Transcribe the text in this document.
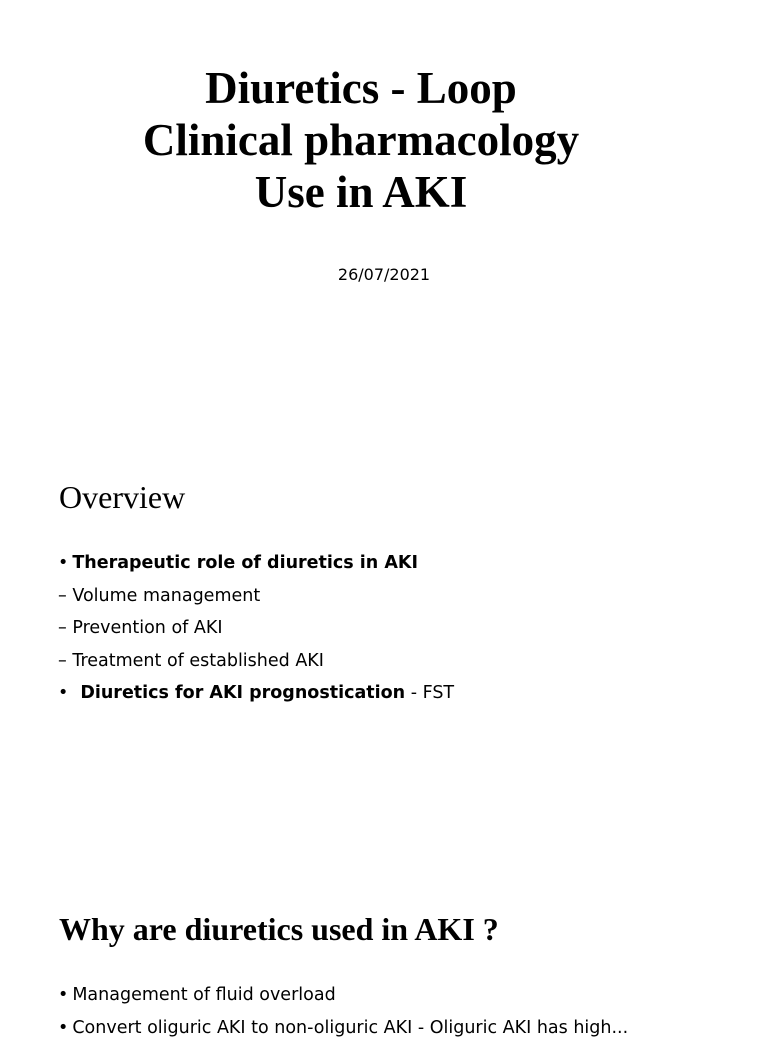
Diuretics - Loop
Clinical pharmacology
Use in AKI
26/07/2021
Overview
• Therapeutic role of diuretics in AKI
– Volume management
– Prevention of AKI
– Treatment of established AKI
• Diuretics for AKI prognostication - FST
Why are diuretics used in AKI ?
• Management of fluid overload
• Convert oliguric AKI to non-oliguric AKI - Oliguric AKI has high...
